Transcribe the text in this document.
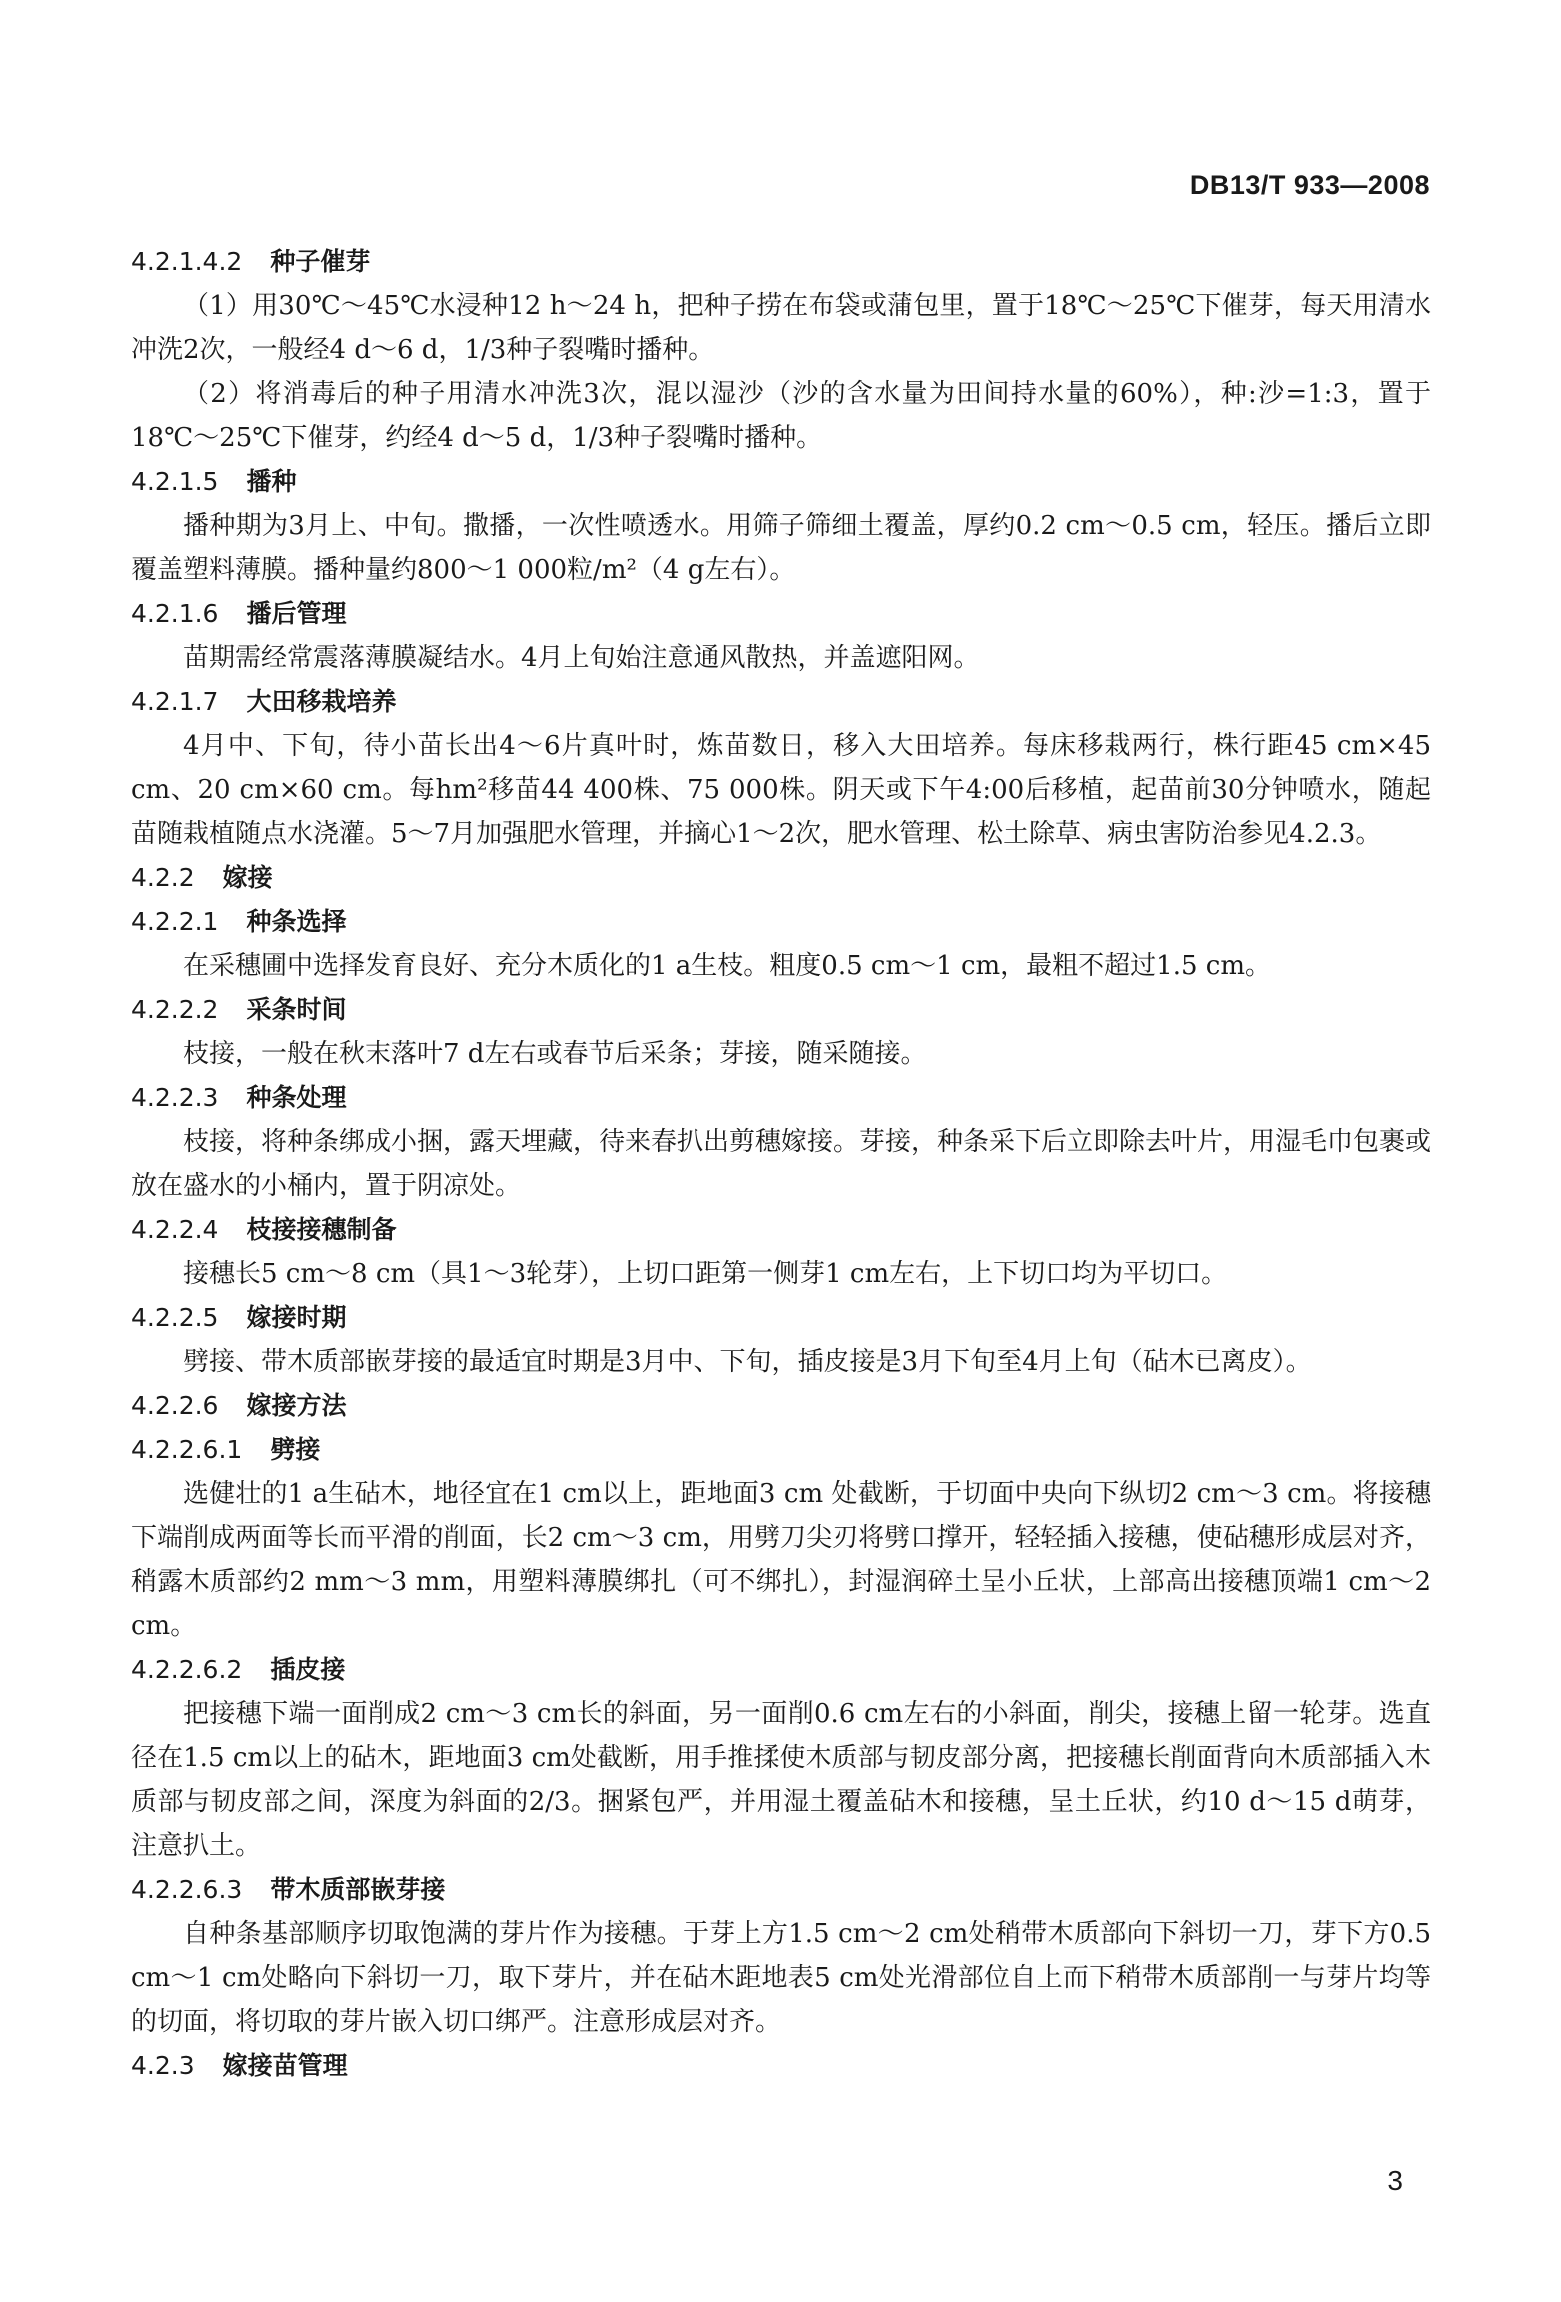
DB13/T 933—2008
4.2.1.4.2 种子催芽

（1）用30℃～45℃水浸种12 h～24 h，把种子捞在布袋或蒲包里，置于18℃～25℃下催芽，每天用清水冲洗2次，一般经4 d～6 d，1/3种子裂嘴时播种。

（2）将消毒后的种子用清水冲洗3次，混以湿沙（沙的含水量为田间持水量的60%），种:沙=1:3，置于18℃～25℃下催芽，约经4 d～5 d，1/3种子裂嘴时播种。

4.2.1.5 播种

播种期为3月上、中旬。撒播，一次性喷透水。用筛子筛细土覆盖，厚约0.2 cm～0.5 cm，轻压。播后立即覆盖塑料薄膜。播种量约800～1 000粒/m²（4 g左右）。

4.2.1.6 播后管理

苗期需经常震落薄膜凝结水。4月上旬始注意通风散热，并盖遮阳网。

4.2.1.7 大田移栽培养

4月中、下旬，待小苗长出4～6片真叶时，炼苗数日，移入大田培养。每床移栽两行，株行距45 cm×45 cm、20 cm×60 cm。每hm²移苗44 400株、75 000株。阴天或下午4:00后移植，起苗前30分钟喷水，随起苗随栽植随点水浇灌。5～7月加强肥水管理，并摘心1～2次，肥水管理、松土除草、病虫害防治参见4.2.3。

4.2.2 嫁接
4.2.2.1 种条选择

在采穗圃中选择发育良好、充分木质化的1 a生枝。粗度0.5 cm～1 cm，最粗不超过1.5 cm。

4.2.2.2 采条时间

枝接，一般在秋末落叶7 d左右或春节后采条；芽接，随采随接。

4.2.2.3 种条处理

枝接，将种条绑成小捆，露天埋藏，待来春扒出剪穗嫁接。芽接，种条采下后立即除去叶片，用湿毛巾包裹或放在盛水的小桶内，置于阴凉处。

4.2.2.4 枝接接穗制备

接穗长5 cm～8 cm（具1～3轮芽），上切口距第一侧芽1 cm左右，上下切口均为平切口。

4.2.2.5 嫁接时期

劈接、带木质部嵌芽接的最适宜时期是3月中、下旬，插皮接是3月下旬至4月上旬（砧木已离皮）。

4.2.2.6 嫁接方法
4.2.2.6.1 劈接

选健壮的1 a生砧木，地径宜在1 cm以上，距地面3 cm 处截断，于切面中央向下纵切2 cm～3 cm。将接穗下端削成两面等长而平滑的削面，长2 cm～3 cm，用劈刀尖刃将劈口撑开，轻轻插入接穗，使砧穗形成层对齐，稍露木质部约2 mm～3 mm，用塑料薄膜绑扎（可不绑扎），封湿润碎土呈小丘状，上部高出接穗顶端1 cm～2 cm。

4.2.2.6.2 插皮接

把接穗下端一面削成2 cm～3 cm长的斜面，另一面削0.6 cm左右的小斜面，削尖，接穗上留一轮芽。选直径在1.5 cm以上的砧木，距地面3 cm处截断，用手推揉使木质部与韧皮部分离，把接穗长削面背向木质部插入木质部与韧皮部之间，深度为斜面的2/3。捆紧包严，并用湿土覆盖砧木和接穗，呈土丘状，约10 d～15 d萌芽，注意扒土。

4.2.2.6.3 带木质部嵌芽接

自种条基部顺序切取饱满的芽片作为接穗。于芽上方1.5 cm～2 cm处稍带木质部向下斜切一刀，芽下方0.5 cm～1 cm处略向下斜切一刀，取下芽片，并在砧木距地表5 cm处光滑部位自上而下稍带木质部削一与芽片均等的切面，将切取的芽片嵌入切口绑严。注意形成层对齐。

4.2.3 嫁接苗管理
3
